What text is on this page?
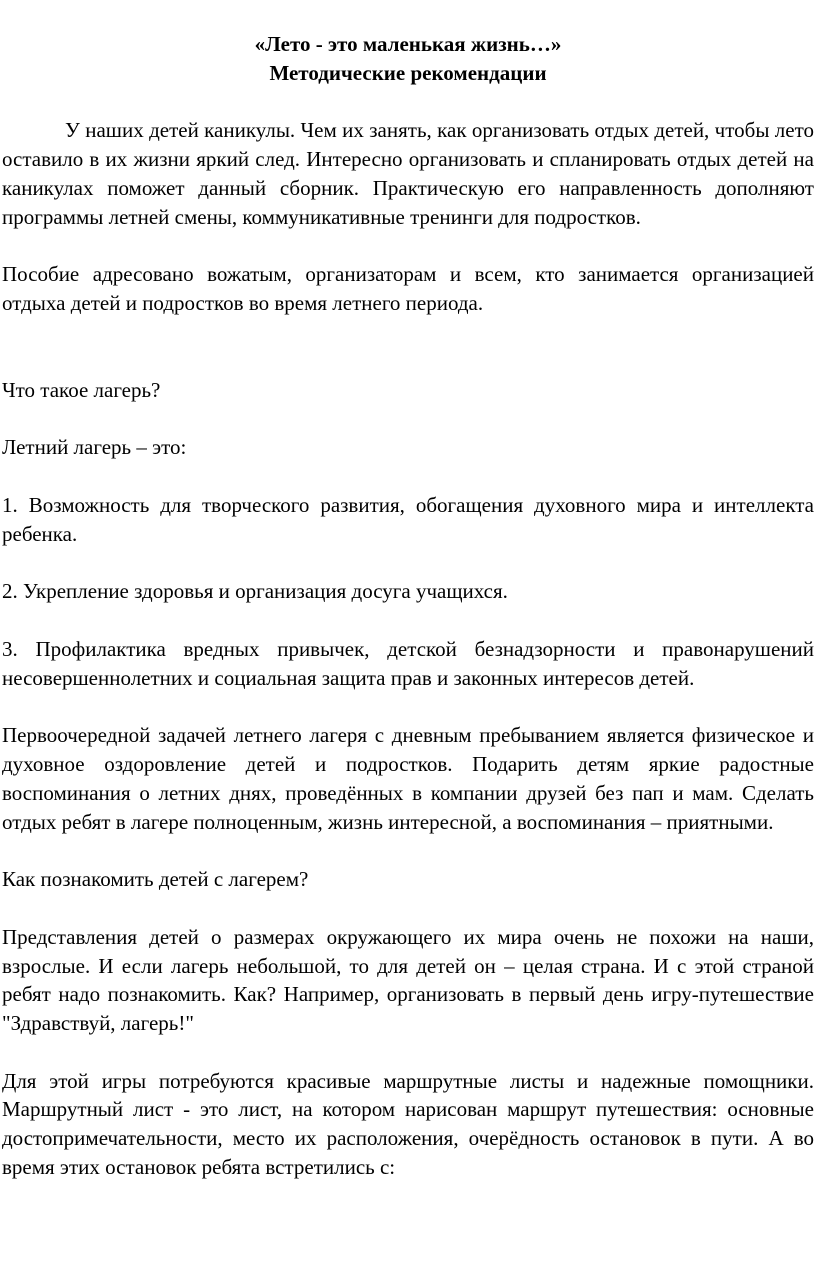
«Лето - это маленькая жизнь…»

Методические рекомендации

У наших детей каникулы. Чем их занять, как организовать отдых детей, чтобы лето оставило в их жизни яркий след. Интересно организовать и спланировать отдых детей на каникулах поможет данный сборник. Практическую его направленность дополняют программы летней смены, коммуникативные тренинги для подростков.

Пособие адресовано вожатым, организаторам и всем, кто занимается организацией отдыха детей и подростков во время летнего периода.

Что такое лагерь?

Летний лагерь – это:

1. Возможность для творческого развития, обогащения духовного мира и интеллекта ребенка.

2. Укрепление здоровья и организация досуга учащихся.

3. Профилактика вредных привычек, детской безнадзорности и правонарушений несовершеннолетних и социальная защита прав и законных интересов детей.

Первоочередной задачей летнего лагеря с дневным пребыванием является физическое и духовное оздоровление детей и подростков. Подарить детям яркие радостные воспоминания о летних днях, проведённых в компании друзей без пап и мам. Сделать отдых ребят в лагере полноценным, жизнь интересной, а воспоминания – приятными.

Как познакомить детей с лагерем?

Представления детей о размерах окружающего их мира очень не похожи на наши, взрослые. И если лагерь небольшой, то для детей он – целая страна. И с этой страной ребят надо познакомить. Как? Например, организовать в первый день игру-путешествие "Здравствуй, лагерь!"

Для этой игры потребуются красивые маршрутные листы и надежные помощники. Маршрутный лист - это лист, на котором нарисован маршрут путешествия: основные достопримечательности, место их расположения, очерёдность остановок в пути. А во время этих остановок ребята встретились с:
